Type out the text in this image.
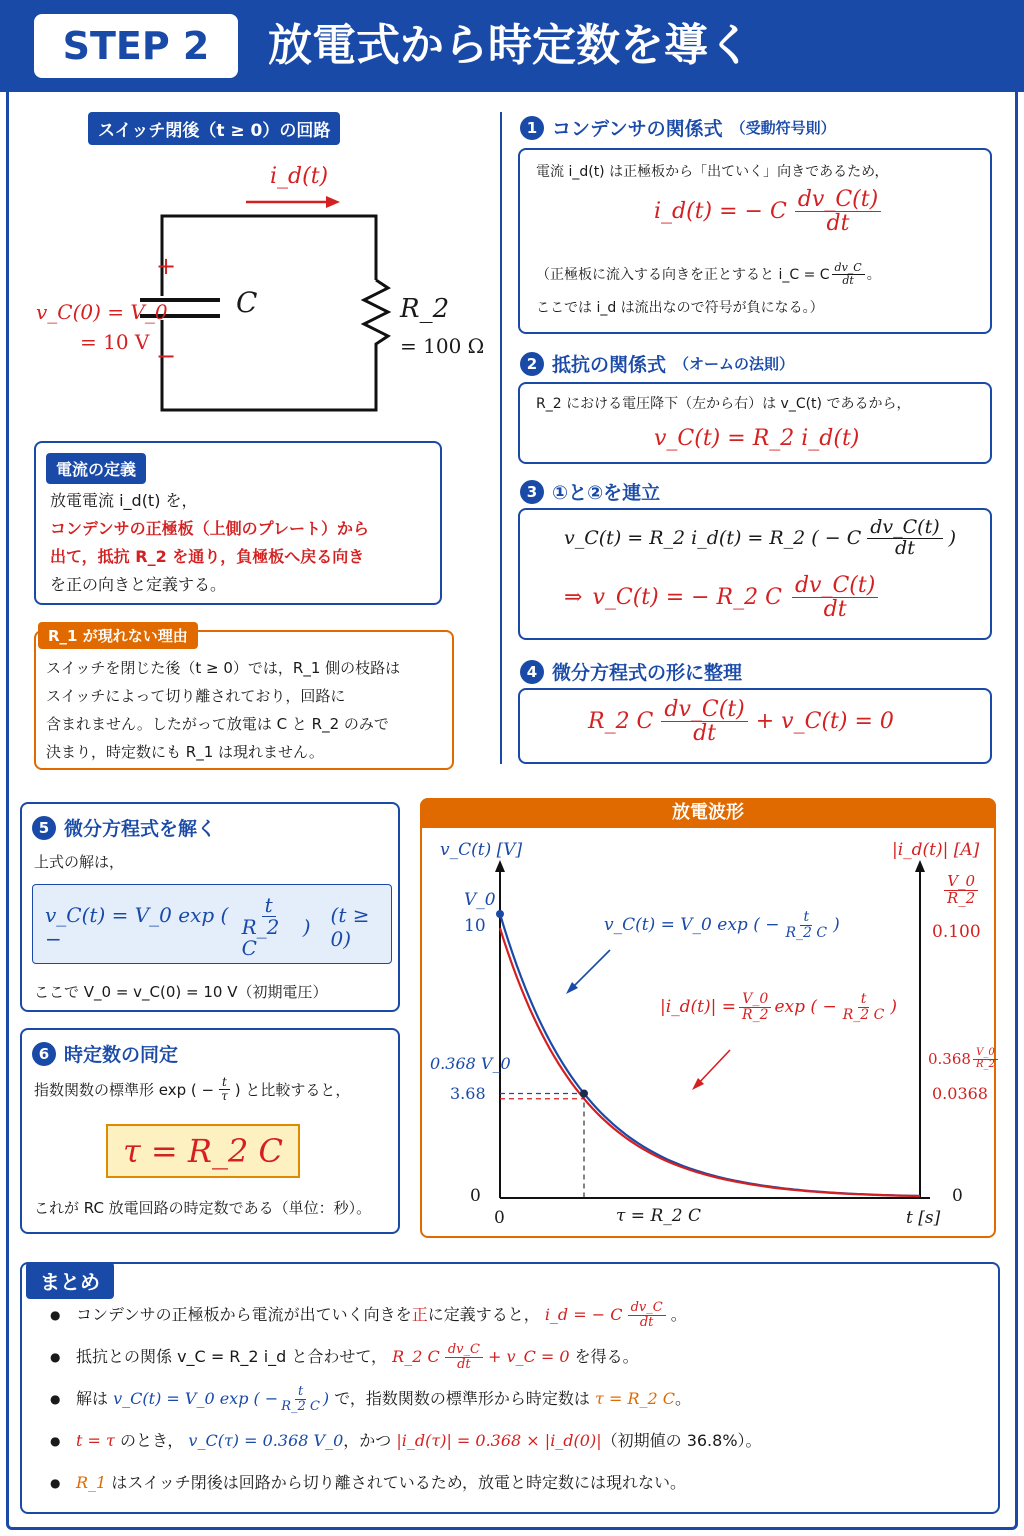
STEP 2	放電式から時定数を導く
スイッチ閉後（t ≥ 0）の回路
i_d(t)
+
−
C	R_2
= 100 Ω
v_C(0) = V_0
= 10 V
電流の定義
放電電流 i_d(t) を，
コンデンサの正極板（上側のプレート）から
出て，抵抗 R_2 を通り，負極板へ戻る向き
を正の向きと定義する。
スイッチを閉じた後（t ≥ 0）では，R_1 側の枝路は
スイッチによって切り離されており，回路に
含まれません。したがって放電は C と R_2 のみで
決まり，時定数にも R_1 は現れません。
R_1 が現れない理由
1 コンデンサの関係式 （受動符号則）
電流 i_d(t) は正極板から「出ていく」向きであるため，
i_d(t) = − C $\frac{dv\_C(t)}{dt}$
（正極板に流入する向きを正とすると i_C = C $\frac{dv\_C}{dt}$ 。
ここでは i_d は流出なので符号が負になる。）
2 抵抗の関係式 （オームの法則）
R_2 における電圧降下（左から右）は v_C(t) であるから，
v_C(t) = R_2 i_d(t)
3 ①と②を連立
v_C(t) = R_2 i_d(t) = R_2 ( − C $\frac{dv\_C(t)}{dt}$ )
⇒ v_C(t) = − R_2 C $\frac{dv\_C(t)}{dt}$
4 微分方程式の形に整理
R_2 C $\frac{dv\_C(t)}{dt}$ + v_C(t) = 0
5 微分方程式を解く
上式の解は，
v_C(t) = V_0 exp ( −	$\frac{t}{R\_2 C}$ ) (t ≥ 0)
ここで V_0 = v_C(0) = 10 V（初期電圧）
6 時定数の同定
指数関数の標準形 exp ( − $\frac{t}{\tau}$ ) と比較すると，
τ = R_2 C
これが RC 放電回路の時定数である（単位：秒）。
放電波形
v_C(t) [V]	|i_d(t)| [A]
V_0
10
0.368 V_0
3.68
0
0	τ = R_2 C	t [s]
$\frac{V\_0}{R\_2}$
0.100
$0.368 \frac{V\_0}{R\_2}$
0.0368
0
v_C(t) = V_0 exp ( − $\frac{t}{R\_2 C}$ )
|i_d(t)| = $\frac{V\_0}{R\_2}$ exp ( − $\frac{t}{R\_2 C}$ )
● コンデンサの正極板から電流が出ていく向きを正に定義すると， i_d = − C $\frac{dv\_C}{dt}$ 。
● 抵抗との関係 v_C = R_2 i_d と合わせて， R_2 C $\frac{dv\_C}{dt}$ + v_C = 0 を得る。
● 解は v_C(t) = V_0 exp ( − $\frac{t}{R\_2 C}$ ) で，指数関数の標準形から時定数は τ = R_2 C。
● t = τ のとき， v_C(τ) = 0.368 V_0，かつ |i_d(τ)| = 0.368 × |i_d(0)|（初期値の 36.8%）。
● R_1 はスイッチ閉後は回路から切り離されているため，放電と時定数には現れない。
まとめ
